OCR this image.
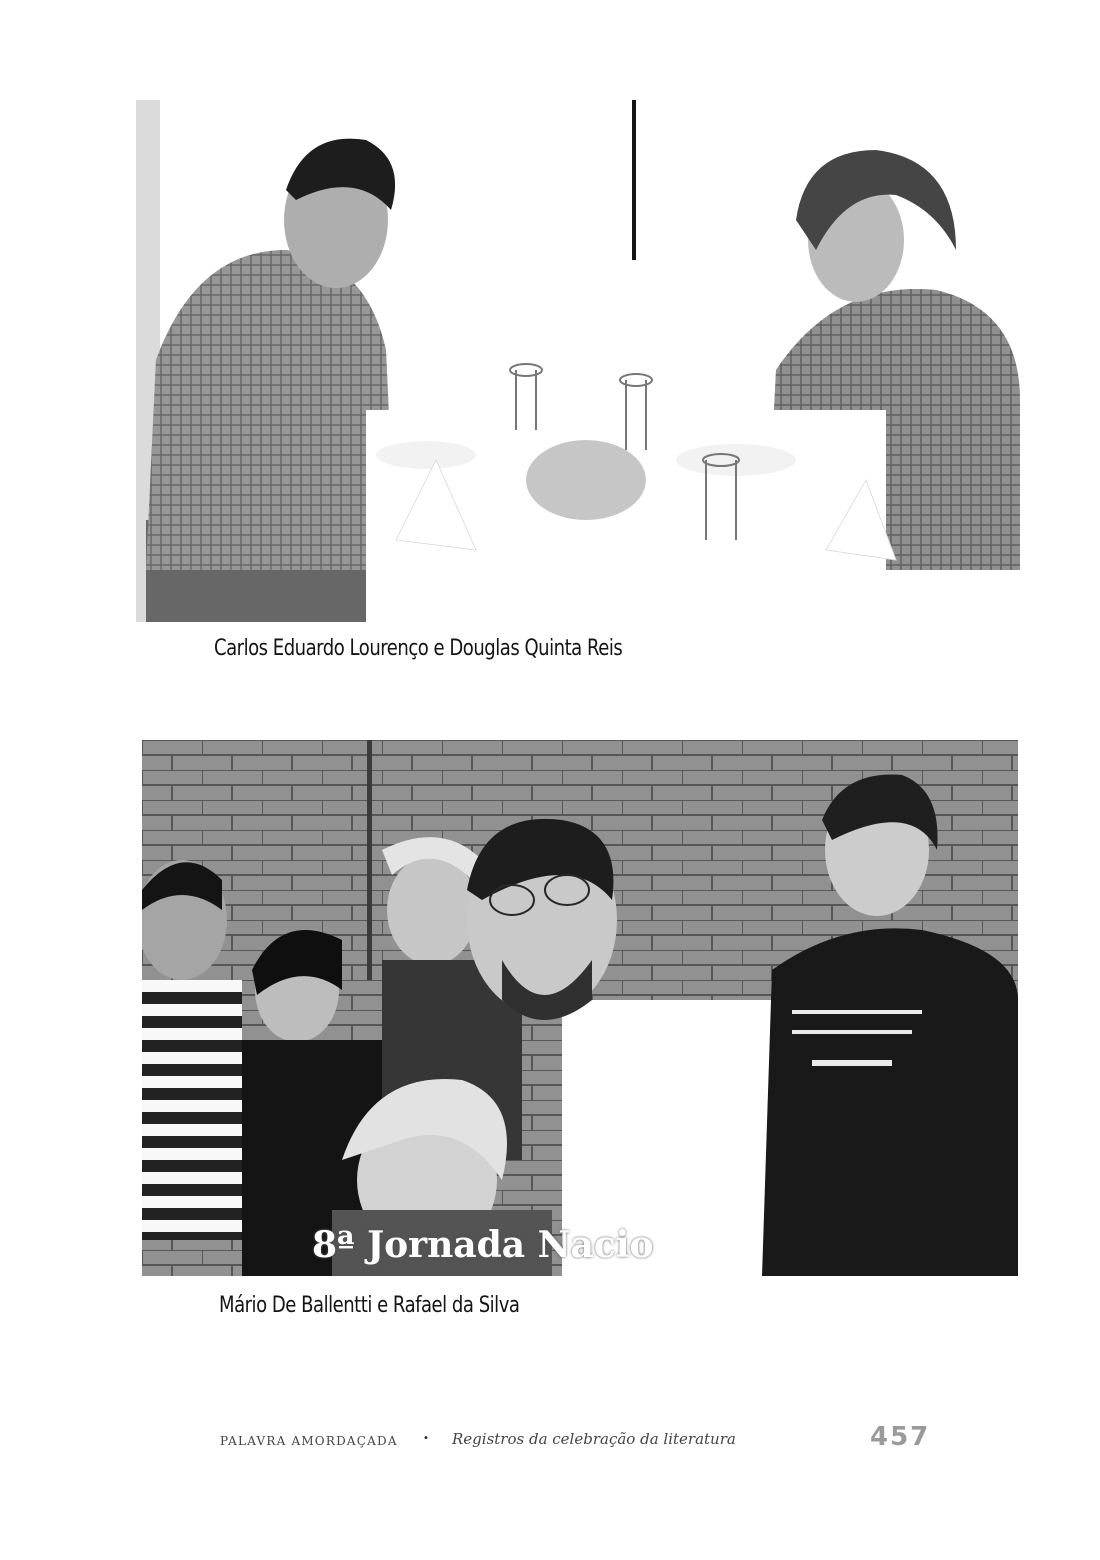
8ª Jornada Nacio
Carlos Eduardo Lourenço e Douglas Quinta Reis
Mário De Ballentti e Rafael da Silva
PALAVRA AMORDAÇADA	• Registros da celebração da literatura	457
